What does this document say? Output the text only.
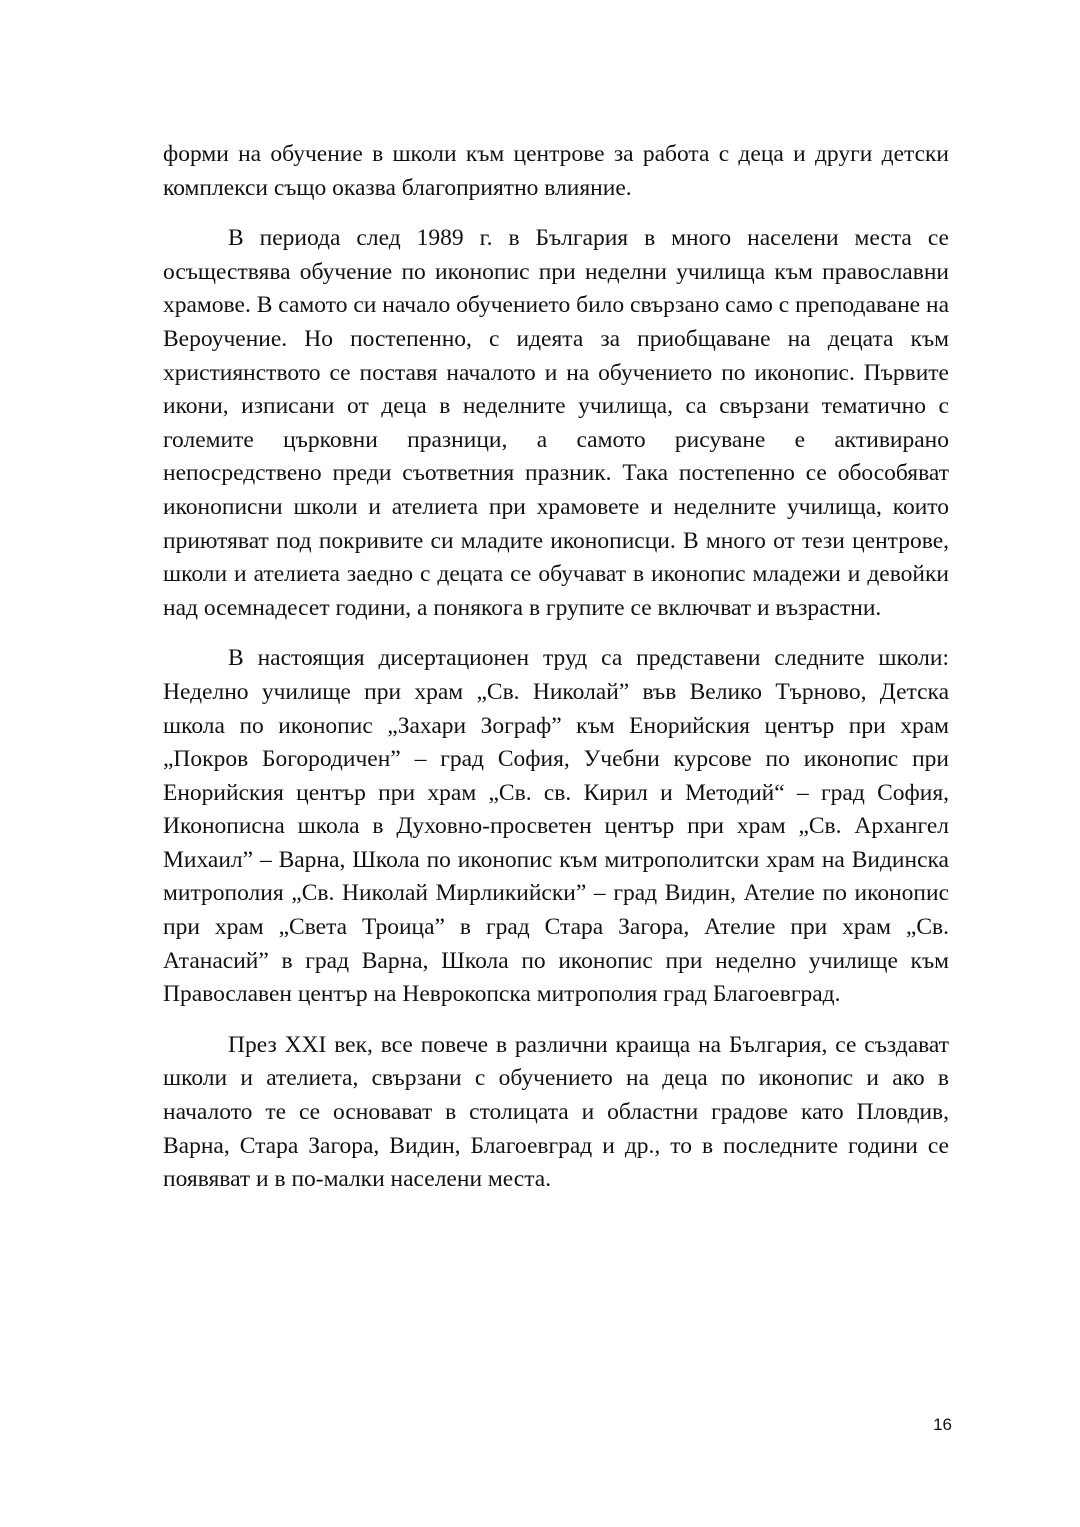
форми на обучение в школи към центрове за работа с деца и други детски комплекси също оказва благоприятно влияние.

В периода след 1989 г. в България в много населени места се осъществява обучение по иконопис при неделни училища към православни храмове. В самото си начало обучението било свързано само с преподаване на Вероучение. Но постепенно, с идеята за приобщаване на децата към християнството се поставя началото и на обучението по иконопис. Първите икони, изписани от деца в неделните училища, са свързани тематично с големите църковни празници, а самото рисуване е активирано непосредствено преди съответния празник. Така постепенно се обособяват иконописни школи и ателиета при храмовете и неделните училища, които приютяват под покривите си младите иконописци. В много от тези центрове, школи и ателиета заедно с децата се обучават в иконопис младежи и девойки над осемнадесет години, а понякога в групите се включват и възрастни.

В настоящия дисертационен труд са представени следните школи: Неделно училище при храм „Св. Николай” във Велико Търново, Детска школа по иконопис „Захари Зограф” към Енорийския център при храм „Покров Богородичен” – град София, Учебни курсове по иконопис при Енорийския център при храм „Св. св. Кирил и Методий“ – град София, Иконописна школа в Духовно-просветен център при храм „Св. Архангел Михаил” – Варна, Школа по иконопис към митрополитски храм на Видинска митрополия „Св. Николай Мирликийски” – град Видин, Ателие по иконопис при храм „Света Троица” в град Стара Загора, Ателие при храм „Св. Атанасий” в град Варна, Школа по иконопис при неделно училище към Православен център на Неврокопска митрополия град Благоевград.

През XXI век, все повече в различни краища на България, се създават школи и ателиета, свързани с обучението на деца по иконопис и ако в началото те се основават в столицата и областни градове като Пловдив, Варна, Стара Загора, Видин, Благоевград и др., то в последните години се появяват и в по-малки населени места.

16
